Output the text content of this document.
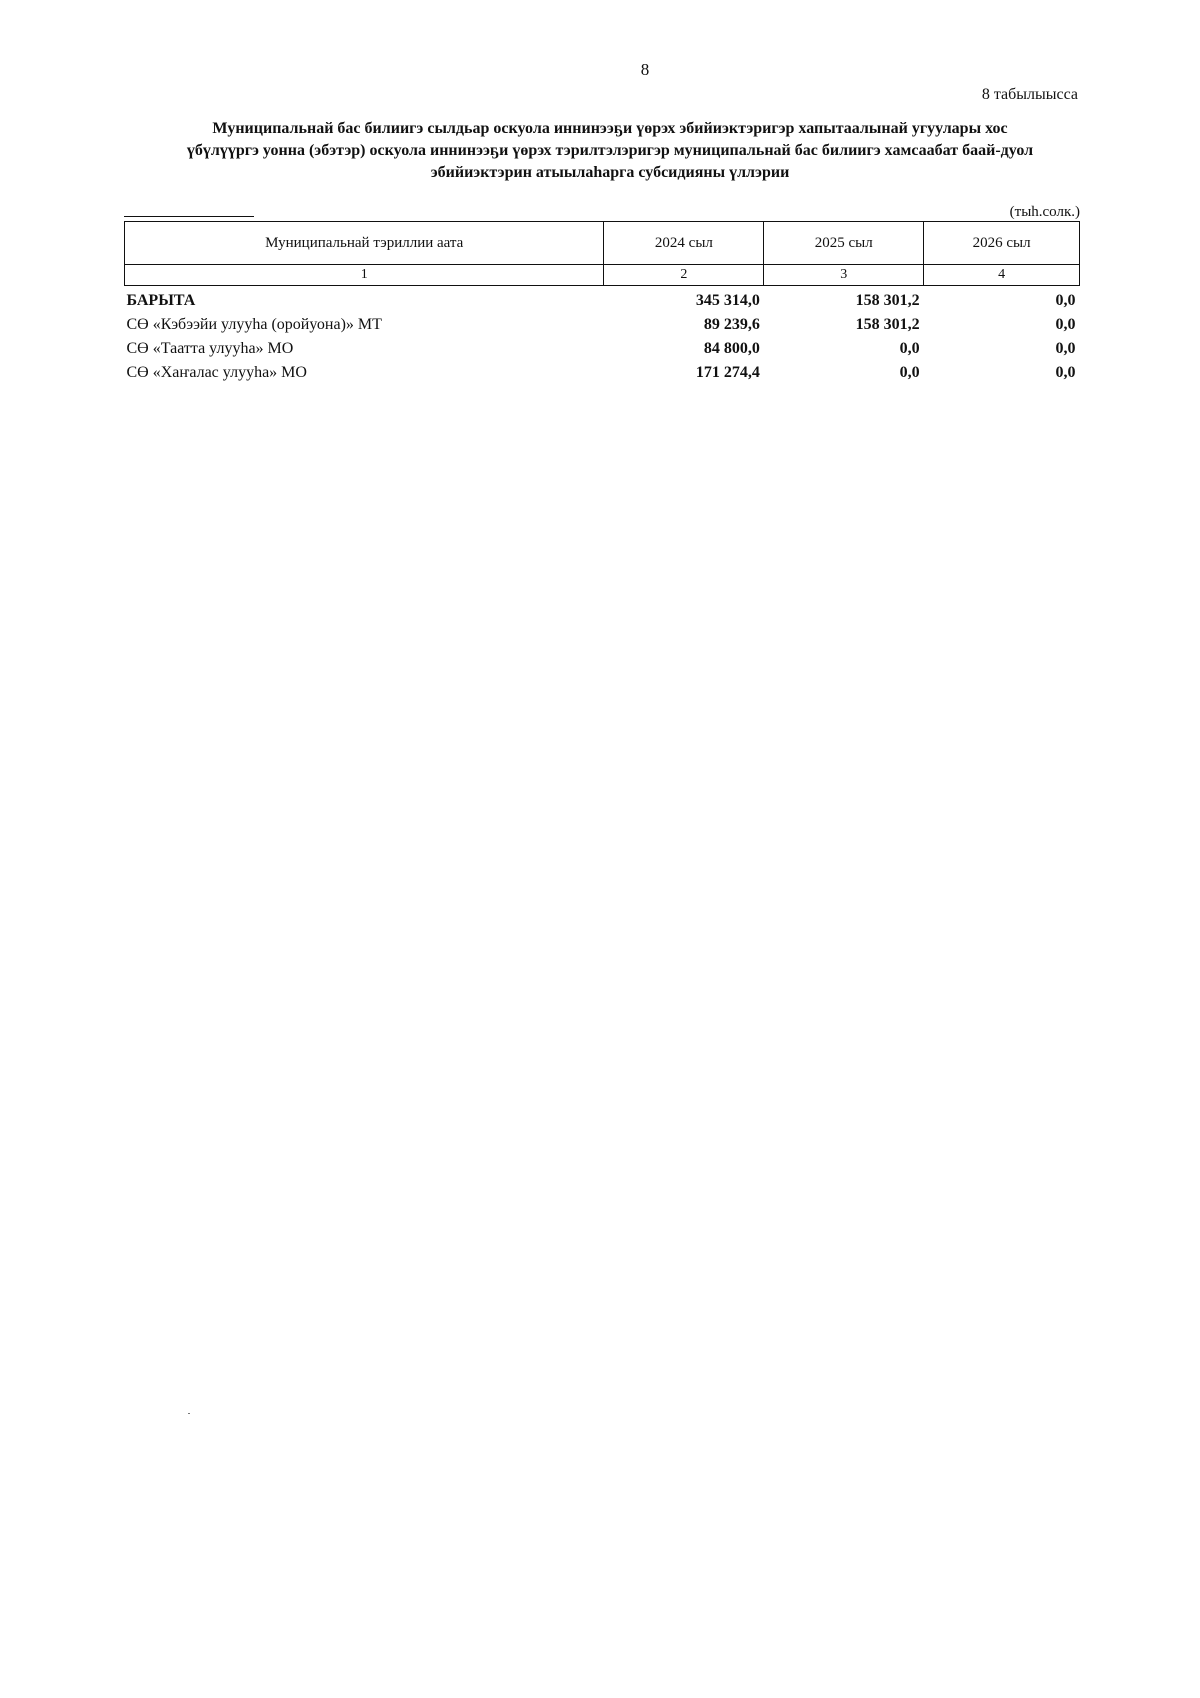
8
8 табылыысса
Муниципальнай бас билиигэ сылдьар оскуола иннинээҕи үөрэх эбийиэктэригэр хапытаалынай угуулары хос
үбүлүүргэ уонна (эбэтэр) оскуола иннинээҕи үөрэх тэрилтэлэригэр муниципальнай бас билиигэ хамсаабат баай-дуол
эбийиэктэрин атыылаһарга субсидияны үллэрии
(тыһ.солк.)
Муниципальнай тэриллии аата	2024 сыл	2025 сыл	2026 сыл
1	2	3	4
БАРЫТА	345 314,0	158 301,2	0,0
СӨ «Кэбээйи улууһа (оройуона)» МТ	89 239,6	158 301,2	0,0
СӨ «Таатта улууһа» МО	84 800,0	0,0	0,0
СӨ «Хаҥалас улууһа» МО	171 274,4	0,0	0,0
